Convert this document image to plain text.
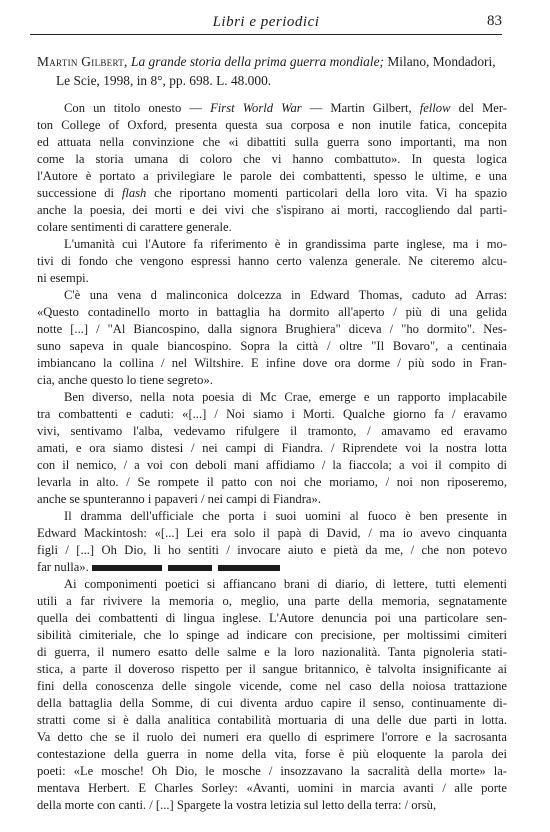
Libri e periodici	83
Martin Gilbert, La grande storia della prima guerra mondiale; Milano, Mondadori,
Le Scie, 1998, in 8°, pp. 698. L. 48.000.
Con un titolo onesto — First World War — Martin Gilbert, fellow del Mer-
ton College of Oxford, presenta questa sua corposa e non inutile fatica, concepita
ed attuata nella convinzione che «i dibattiti sulla guerra sono importanti, ma non
come la storia umana di coloro che vi hanno combattuto». In questa logica
l'Autore è portato a privilegiare le parole dei combattenti, spesso le ultime, e una
successione di flash che riportano momenti particolari della loro vita. Vi ha spazio
anche la poesia, dei morti e dei vivi che s'ispirano ai morti, raccogliendo dal parti-
colare sentimenti di carattere generale.
L'umanità cui l'Autore fa riferimento è in grandissima parte inglese, ma i mo-
tivi di fondo che vengono espressi hanno certo valenza generale. Ne citeremo alcu-
ni esempi.
C'è una vena d malinconica dolcezza in Edward Thomas, caduto ad Arras:
«Questo contadinello morto in battaglia ha dormito all'aperto / più di una gelida
notte [...] / "Al Biancospino, dalla signora Brughiera" diceva / "ho dormito". Nes-
suno sapeva in quale biancospino. Sopra la città / oltre "Il Bovaro", a centinaia
imbiancano la collina / nel Wiltshire. E infine dove ora dorme / più sodo in Fran-
cia, anche questo lo tiene segreto».
Ben diverso, nella nota poesia di Mc Crae, emerge e un rapporto implacabile
tra combattenti e caduti: «[...] / Noi siamo i Morti. Qualche giorno fa / eravamo
vivi, sentivamo l'alba, vedevamo rifulgere il tramonto, / amavamo ed eravamo
amati, e ora siamo distesi / nei campi di Fiandra. / Riprendete voi la nostra lotta
con il nemico, / a voi con deboli mani affidiamo / la fiaccola; a voi il compito di
levarla in alto. / Se rompete il patto con noi che moriamo, / noi non riposeremo,
anche se spunteranno i papaveri / nei campi di Fiandra».
Il dramma dell'ufficiale che porta i suoi uomini al fuoco è ben presente in
Edward Mackintosh: «[...] Lei era solo il papà di David, / ma io avevo cinquanta
figli / [...] Oh Dio, li ho sentiti / invocare aiuto e pietà da me, / che non potevo
far nulla».
Ai componimenti poetici si affiancano brani di diario, di lettere, tutti elementi
utili a far rivivere la memoria o, meglio, una parte della memoria, segnatamente
quella dei combattenti di lingua inglese. L'Autore denuncia poi una particolare sen-
sibilità cimiteriale, che lo spinge ad indicare con precisione, per moltissimi cimiteri
di guerra, il numero esatto delle salme e la loro nazionalità. Tanta pignoleria stati-
stica, a parte il doveroso rispetto per il sangue britannico, è talvolta insignificante ai
fini della conoscenza delle singole vicende, come nel caso della noiosa trattazione
della battaglia della Somme, di cui diventa arduo capire il senso, continuamente di-
stratti come si è dalla analitica contabilità mortuaria di una delle due parti in lotta.
Va detto che se il ruolo dei numeri era quello di esprimere l'orrore e la sacrosanta
contestazione della guerra in nome della vita, forse è più eloquente la parola dei
poeti: «Le mosche! Oh Dio, le mosche / insozzavano la sacralità della morte» la-
mentava Herbert. E Charles Sorley: «Avanti, uomini in marcia avanti / alle porte
della morte con canti. / [...] Spargete la vostra letizia sul letto della terra: / orsù,
